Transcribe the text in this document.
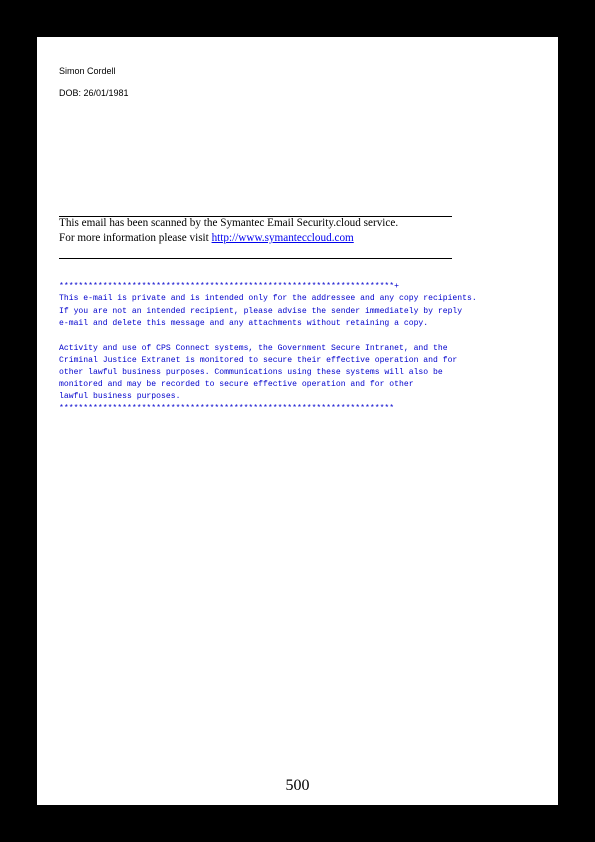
Simon Cordell
DOB: 26/01/1981
This email has been scanned by the Symantec Email Security.cloud service.
For more information please visit http://www.symanteccloud.com
*********************************************************************+
This e-mail is private and is intended only for the addressee and any copy recipients.
If you are not an intended recipient, please advise the sender immediately by reply
e-mail and delete this message and any attachments without retaining a copy.
Activity and use of CPS Connect systems, the Government Secure Intranet, and the
Criminal Justice Extranet is monitored to secure their effective operation and for
other lawful business purposes. Communications using these systems will also be
monitored and may be recorded to secure effective operation and for other
lawful business purposes.
*********************************************************************
500
